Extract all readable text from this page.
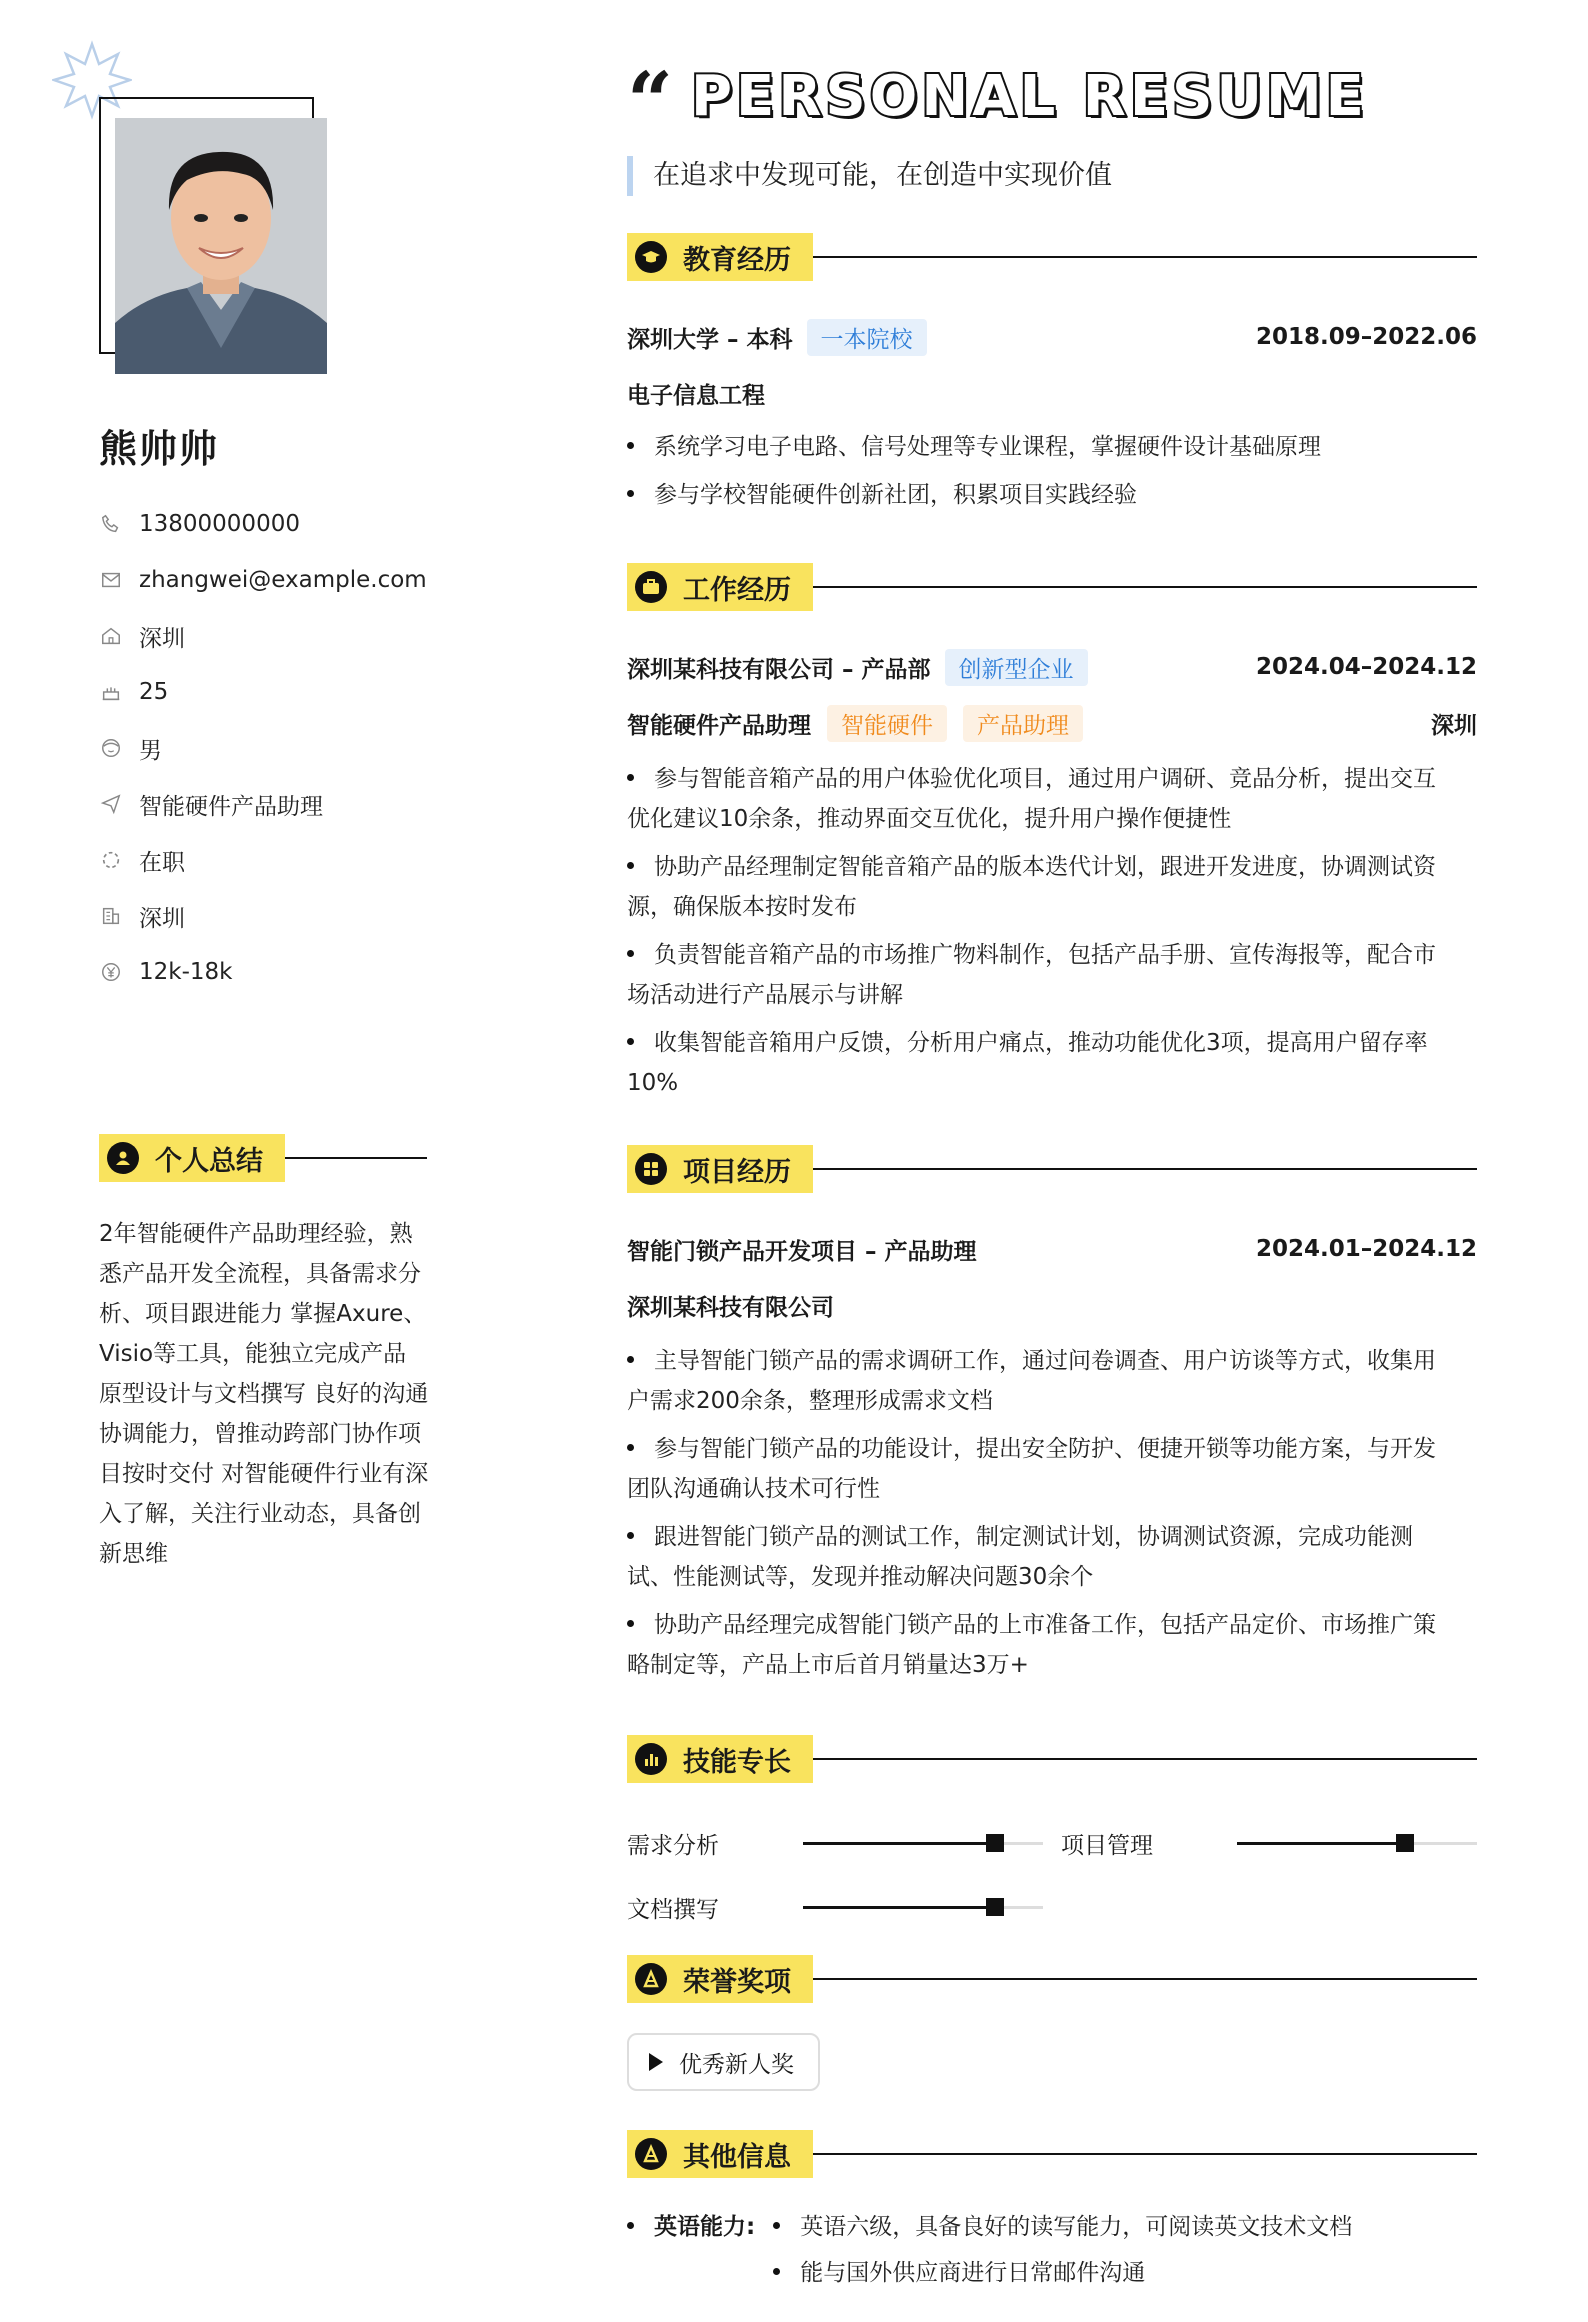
熊帅帅
13800000000
zhangwei@example.com
深圳
25
男
智能硬件产品助理
在职
深圳
12k-18k
个人总结
2年智能硬件产品助理经验，熟悉产品开发全流程，具备需求分析、项目跟进能力 掌握Axure、Visio等工具，能独立完成产品原型设计与文档撰写 良好的沟通协调能力，曾推动跨部门协作项目按时交付 对智能硬件行业有深入了解，关注行业动态，具备创新思维
“ PERSONAL RESUME
在追求中发现可能，在创造中实现价值
教育经历
深圳大学 – 本科	一本院校	2018.09–2022.06
电子信息工程
系统学习电子电路、信号处理等专业课程，掌握硬件设计基础原理
参与学校智能硬件创新社团，积累项目实践经验
工作经历
深圳某科技有限公司 – 产品部	创新型企业	2024.04–2024.12
智能硬件产品助理	智能硬件	产品助理	深圳
参与智能音箱产品的用户体验优化项目，通过用户调研、竞品分析，提出交互
优化建议10余条，推动界面交互优化，提升用户操作便捷性
协助产品经理制定智能音箱产品的版本迭代计划，跟进开发进度，协调测试资
源，确保版本按时发布
负责智能音箱产品的市场推广物料制作，包括产品手册、宣传海报等，配合市
场活动进行产品展示与讲解
收集智能音箱用户反馈，分析用户痛点，推动功能优化3项，提高用户留存率
10%
项目经历
智能门锁产品开发项目 – 产品助理	2024.01–2024.12
深圳某科技有限公司
主导智能门锁产品的需求调研工作，通过问卷调查、用户访谈等方式，收集用
户需求200余条，整理形成需求文档
参与智能门锁产品的功能设计，提出安全防护、便捷开锁等功能方案，与开发
团队沟通确认技术可行性
跟进智能门锁产品的测试工作，制定测试计划，协调测试资源，完成功能测
试、性能测试等，发现并推动解决问题30余个
协助产品经理完成智能门锁产品的上市准备工作，包括产品定价、市场推广策
略制定等，产品上市后首月销量达3万+
技能专长
需求分析	项目管理
文档撰写
荣誉奖项
优秀新人奖
其他信息
英语能力:	英语六级，具备良好的读写能力，可阅读英文技术文档
能与国外供应商进行日常邮件沟通
